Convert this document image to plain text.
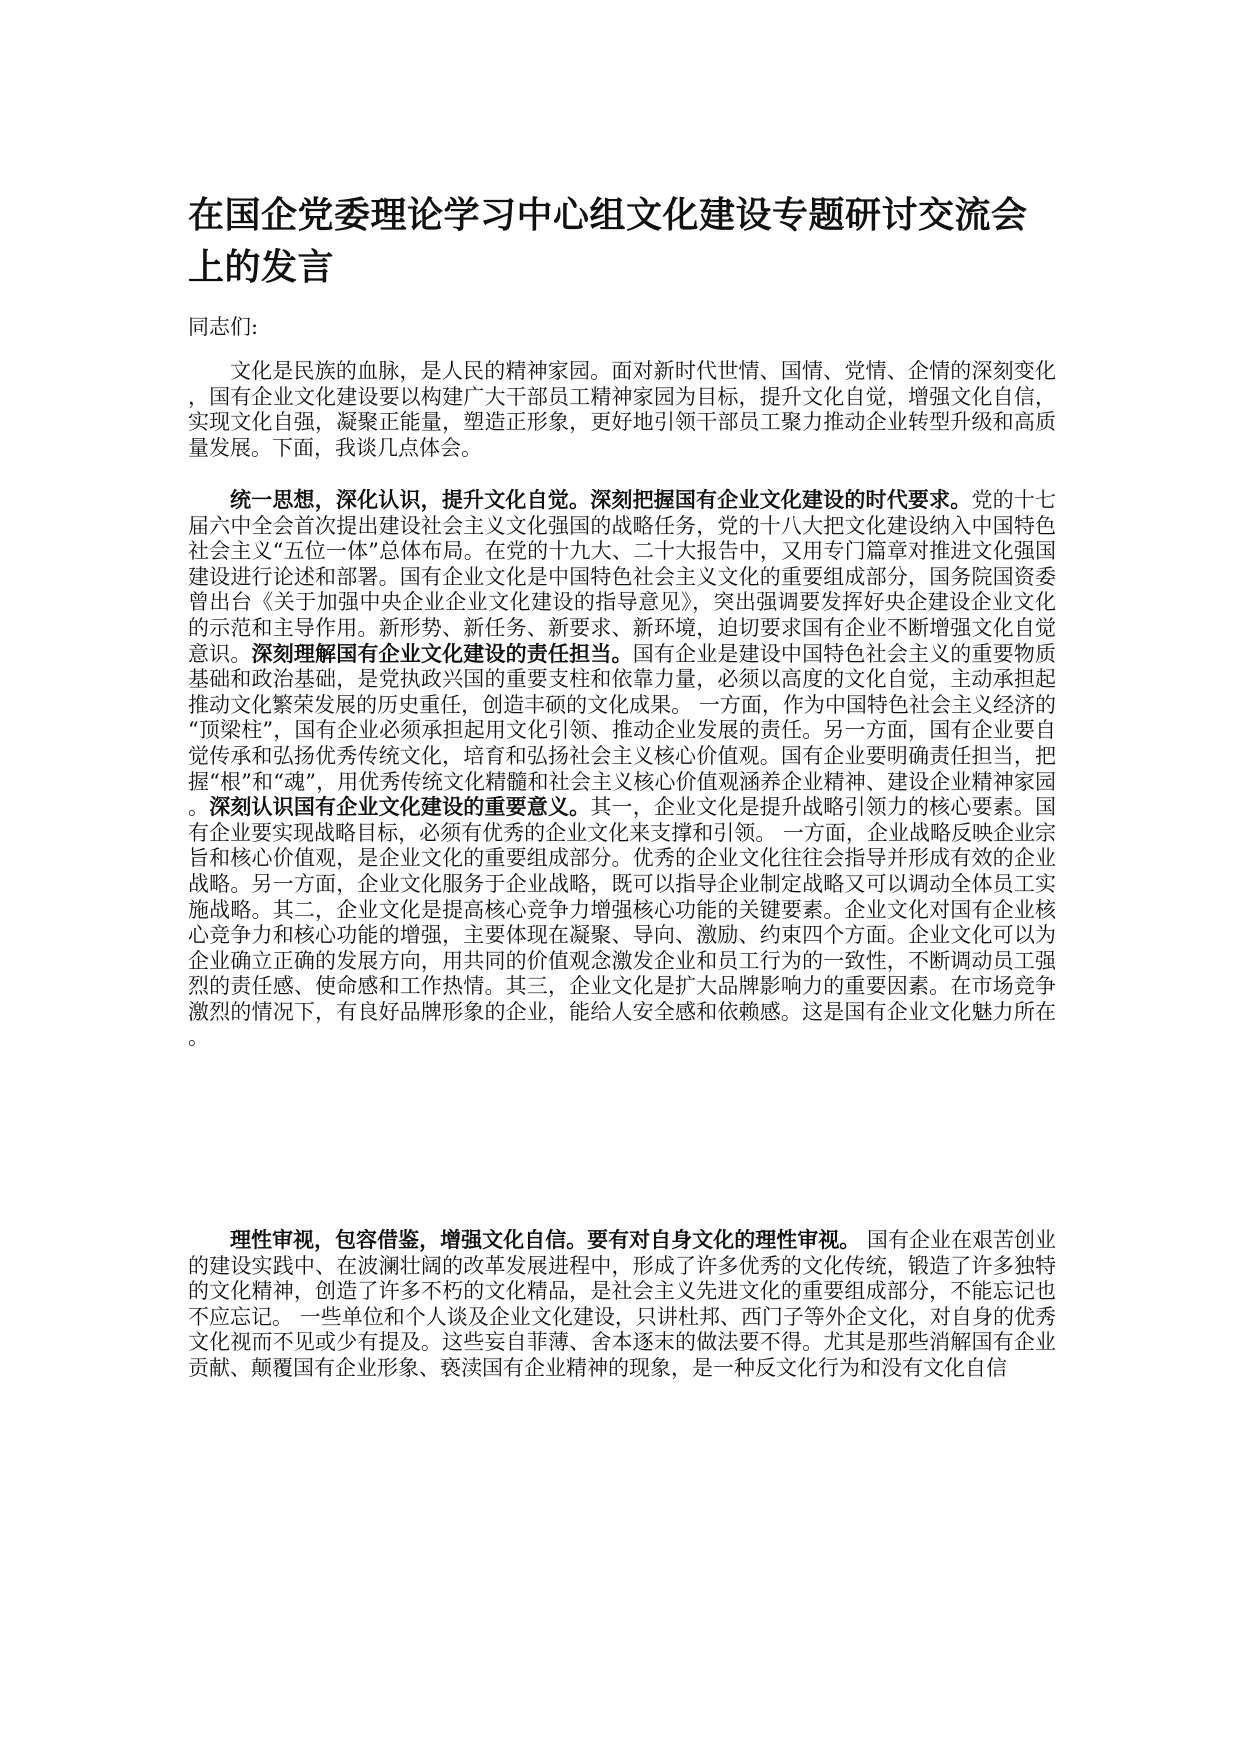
在国企党委理论学习中心组文化建设专题研讨交流会上的发言

同志们:

文化是民族的血脉，是人民的精神家园。面对新时代世情、国情、党情、企情的深刻变化，国有企业文化建设要以构建广大干部员工精神家园为目标，提升文化自觉，增强文化自信，实现文化自强，凝聚正能量，塑造正形象，更好地引领干部员工聚力推动企业转型升级和高质量发展。下面，我谈几点体会。

统一思想，深化认识，提升文化自觉。深刻把握国有企业文化建设的时代要求。党的十七届六中全会首次提出建设社会主义文化强国的战略任务，党的十八大把文化建设纳入中国特色社会主义“五位一体”总体布局。在党的十九大、二十大报告中，又用专门篇章对推进文化强国建设进行论述和部署。国有企业文化是中国特色社会主义文化的重要组成部分，国务院国资委曾出台《关于加强中央企业企业文化建设的指导意见》，突出强调要发挥好央企建设企业文化的示范和主导作用。新形势、新任务、新要求、新环境，迫切要求国有企业不断增强文化自觉意识。深刻理解国有企业文化建设的责任担当。国有企业是建设中国特色社会主义的重要物质基础和政治基础，是党执政兴国的重要支柱和依靠力量，必须以高度的文化自觉，主动承担起推动文化繁荣发展的历史重任，创造丰硕的文化成果。 一方面，作为中国特色社会主义经济的“顶梁柱”，国有企业必须承担起用文化引领、推动企业发展的责任。另一方面，国有企业要自觉传承和弘扬优秀传统文化，培育和弘扬社会主义核心价值观。国有企业要明确责任担当，把握“根”和“魂”，用优秀传统文化精髓和社会主义核心价值观涵养企业精神、建设企业精神家园。深刻认识国有企业文化建设的重要意义。其一，企业文化是提升战略引领力的核心要素。国有企业要实现战略目标，必须有优秀的企业文化来支撑和引领。 一方面，企业战略反映企业宗旨和核心价值观，是企业文化的重要组成部分。优秀的企业文化往往会指导并形成有效的企业战略。另一方面，企业文化服务于企业战略，既可以指导企业制定战略又可以调动全体员工实施战略。其二，企业文化是提高核心竞争力增强核心功能的关键要素。企业文化对国有企业核心竞争力和核心功能的增强，主要体现在凝聚、导向、激励、约束四个方面。企业文化可以为企业确立正确的发展方向，用共同的价值观念激发企业和员工行为的一致性，不断调动员工强烈的责任感、使命感和工作热情。其三，企业文化是扩大品牌影响力的重要因素。在市场竞争激烈的情况下，有良好品牌形象的企业，能给人安全感和依赖感。这是国有企业文化魅力所在。

理性审视，包容借鉴，增强文化自信。要有对自身文化的理性审视。 国有企业在艰苦创业的建设实践中、在波澜壮阔的改革发展进程中，形成了许多优秀的文化传统，锻造了许多独特的文化精神，创造了许多不朽的文化精品，是社会主义先进文化的重要组成部分，不能忘记也不应忘记。 一些单位和个人谈及企业文化建设，只讲杜邦、西门子等外企文化，对自身的优秀文化视而不见或少有提及。这些妄自菲薄、舍本逐末的做法要不得。尤其是那些消解国有企业贡献、颠覆国有企业形象、亵渎国有企业精神的现象，是一种反文化行为和没有文化自信
